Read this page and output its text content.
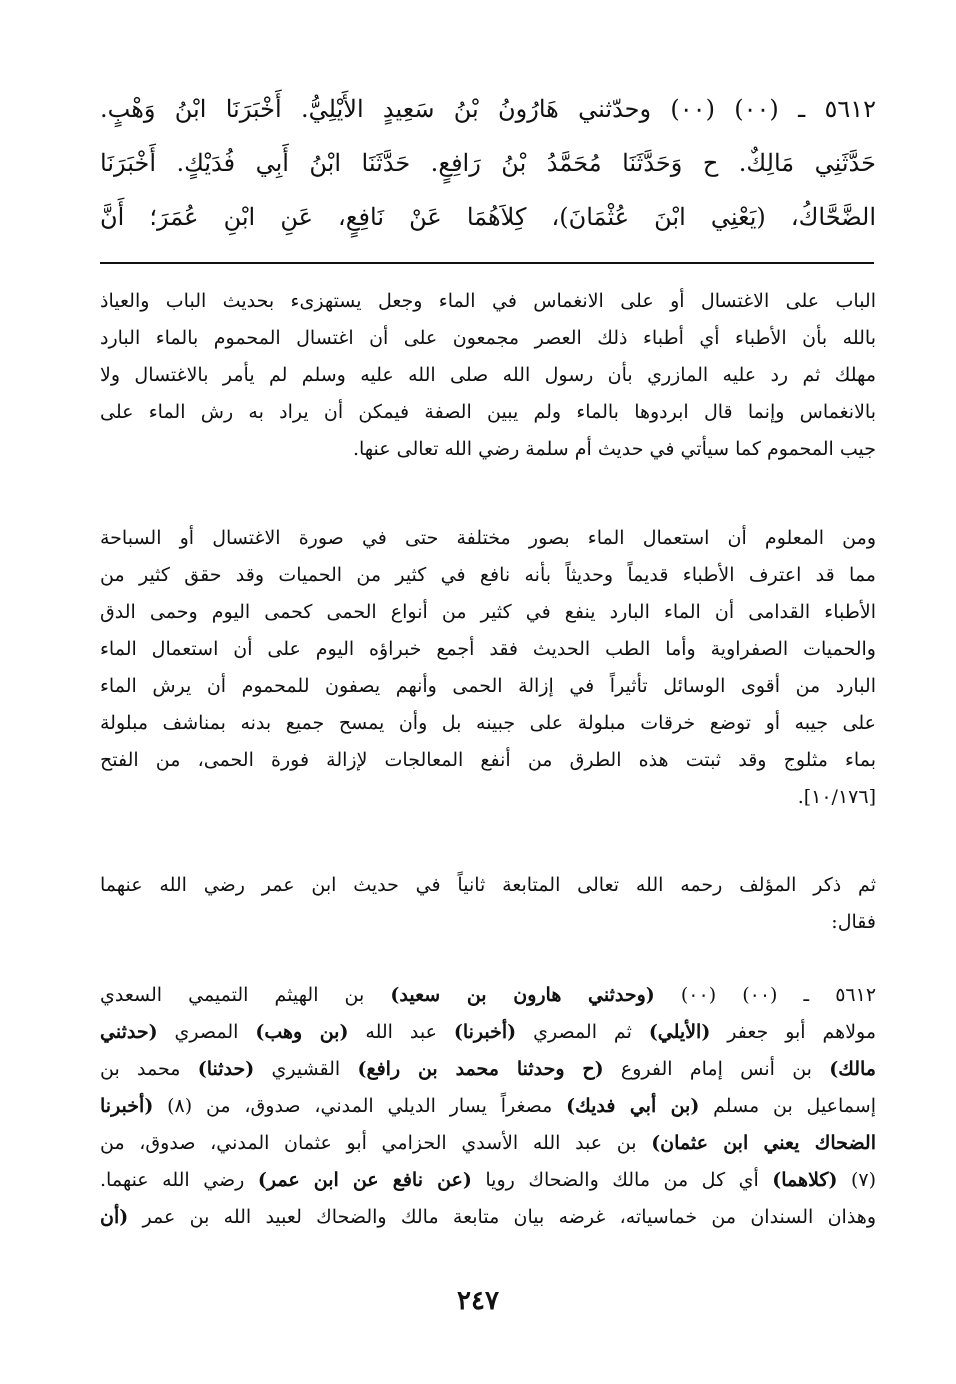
٥٦١٢ ـ (٠٠) (٠٠) وحدّثني هَارُونُ بْنُ سَعِيدٍ الأَيْلِيُّ. أَخْبَرَنَا ابْنُ وَهْبٍ.
حَدَّثَنِي مَالِكٌ. ح وَحَدَّثَنَا مُحَمَّدُ بْنُ رَافِعٍ. حَدَّثَنَا ابْنُ أَبِي فُدَيْكٍ. أَخْبَرَنَا
الضَّحَّاكُ، (يَعْنِي ابْنَ عُثْمَانَ)، كِلاَهُمَا عَنْ نَافِعٍ، عَنِ ابْنِ عُمَرَ؛ أَنَّ
الباب على الاغتسال أو على الانغماس في الماء وجعل يستهزىء بحديث الباب والعياذ
بالله بأن الأطباء أي أطباء ذلك العصر مجمعون على أن اغتسال المحموم بالماء البارد
مهلك ثم رد عليه المازري بأن رسول الله صلى الله عليه وسلم لم يأمر بالاغتسال ولا
بالانغماس وإنما قال ابردوها بالماء ولم يبين الصفة فيمكن أن يراد به رش الماء على
جيب المحموم كما سيأتي في حديث أم سلمة رضي الله تعالى عنها.
ومن المعلوم أن استعمال الماء بصور مختلفة حتى في صورة الاغتسال أو السباحة
مما قد اعترف الأطباء قديماً وحديثاً بأنه نافع في كثير من الحميات وقد حقق كثير من
الأطباء القدامى أن الماء البارد ينفع في كثير من أنواع الحمى كحمى اليوم وحمى الدق
والحميات الصفراوية وأما الطب الحديث فقد أجمع خبراؤه اليوم على أن استعمال الماء
البارد من أقوى الوسائل تأثيراً في إزالة الحمى وأنهم يصفون للمحموم أن يرش الماء
على جيبه أو توضع خرقات مبلولة على جبينه بل وأن يمسح جميع بدنه بمناشف مبلولة
بماء مثلوج وقد ثبتت هذه الطرق من أنفع المعالجات لإزالة فورة الحمى، من الفتح
[١٠/١٧٦].
ثم ذكر المؤلف رحمه الله تعالى المتابعة ثانياً في حديث ابن عمر رضي الله عنهما
فقال:
٥٦١٢ ـ (٠٠) (٠٠) (وحدثني هارون بن سعيد) بن الهيثم التميمي السعدي
مولاهم أبو جعفر (الأيلي) ثم المصري (أخبرنا) عبد الله (بن وهب) المصري (حدثني
مالك) بن أنس إمام الفروع (ح وحدثنا محمد بن رافع) القشيري (حدثنا) محمد بن
إسماعيل بن مسلم (بن أبي فديك) مصغراً يسار الديلي المدني، صدوق، من (٨) (أخبرنا
الضحاك يعني ابن عثمان) بن عبد الله الأسدي الحزامي أبو عثمان المدني، صدوق، من
(٧) (كلاهما) أي كل من مالك والضحاك رويا (عن نافع عن ابن عمر) رضي الله عنهما.
وهذان السندان من خماسياته، غرضه بيان متابعة مالك والضحاك لعبيد الله بن عمر (أن
٢٤٧
